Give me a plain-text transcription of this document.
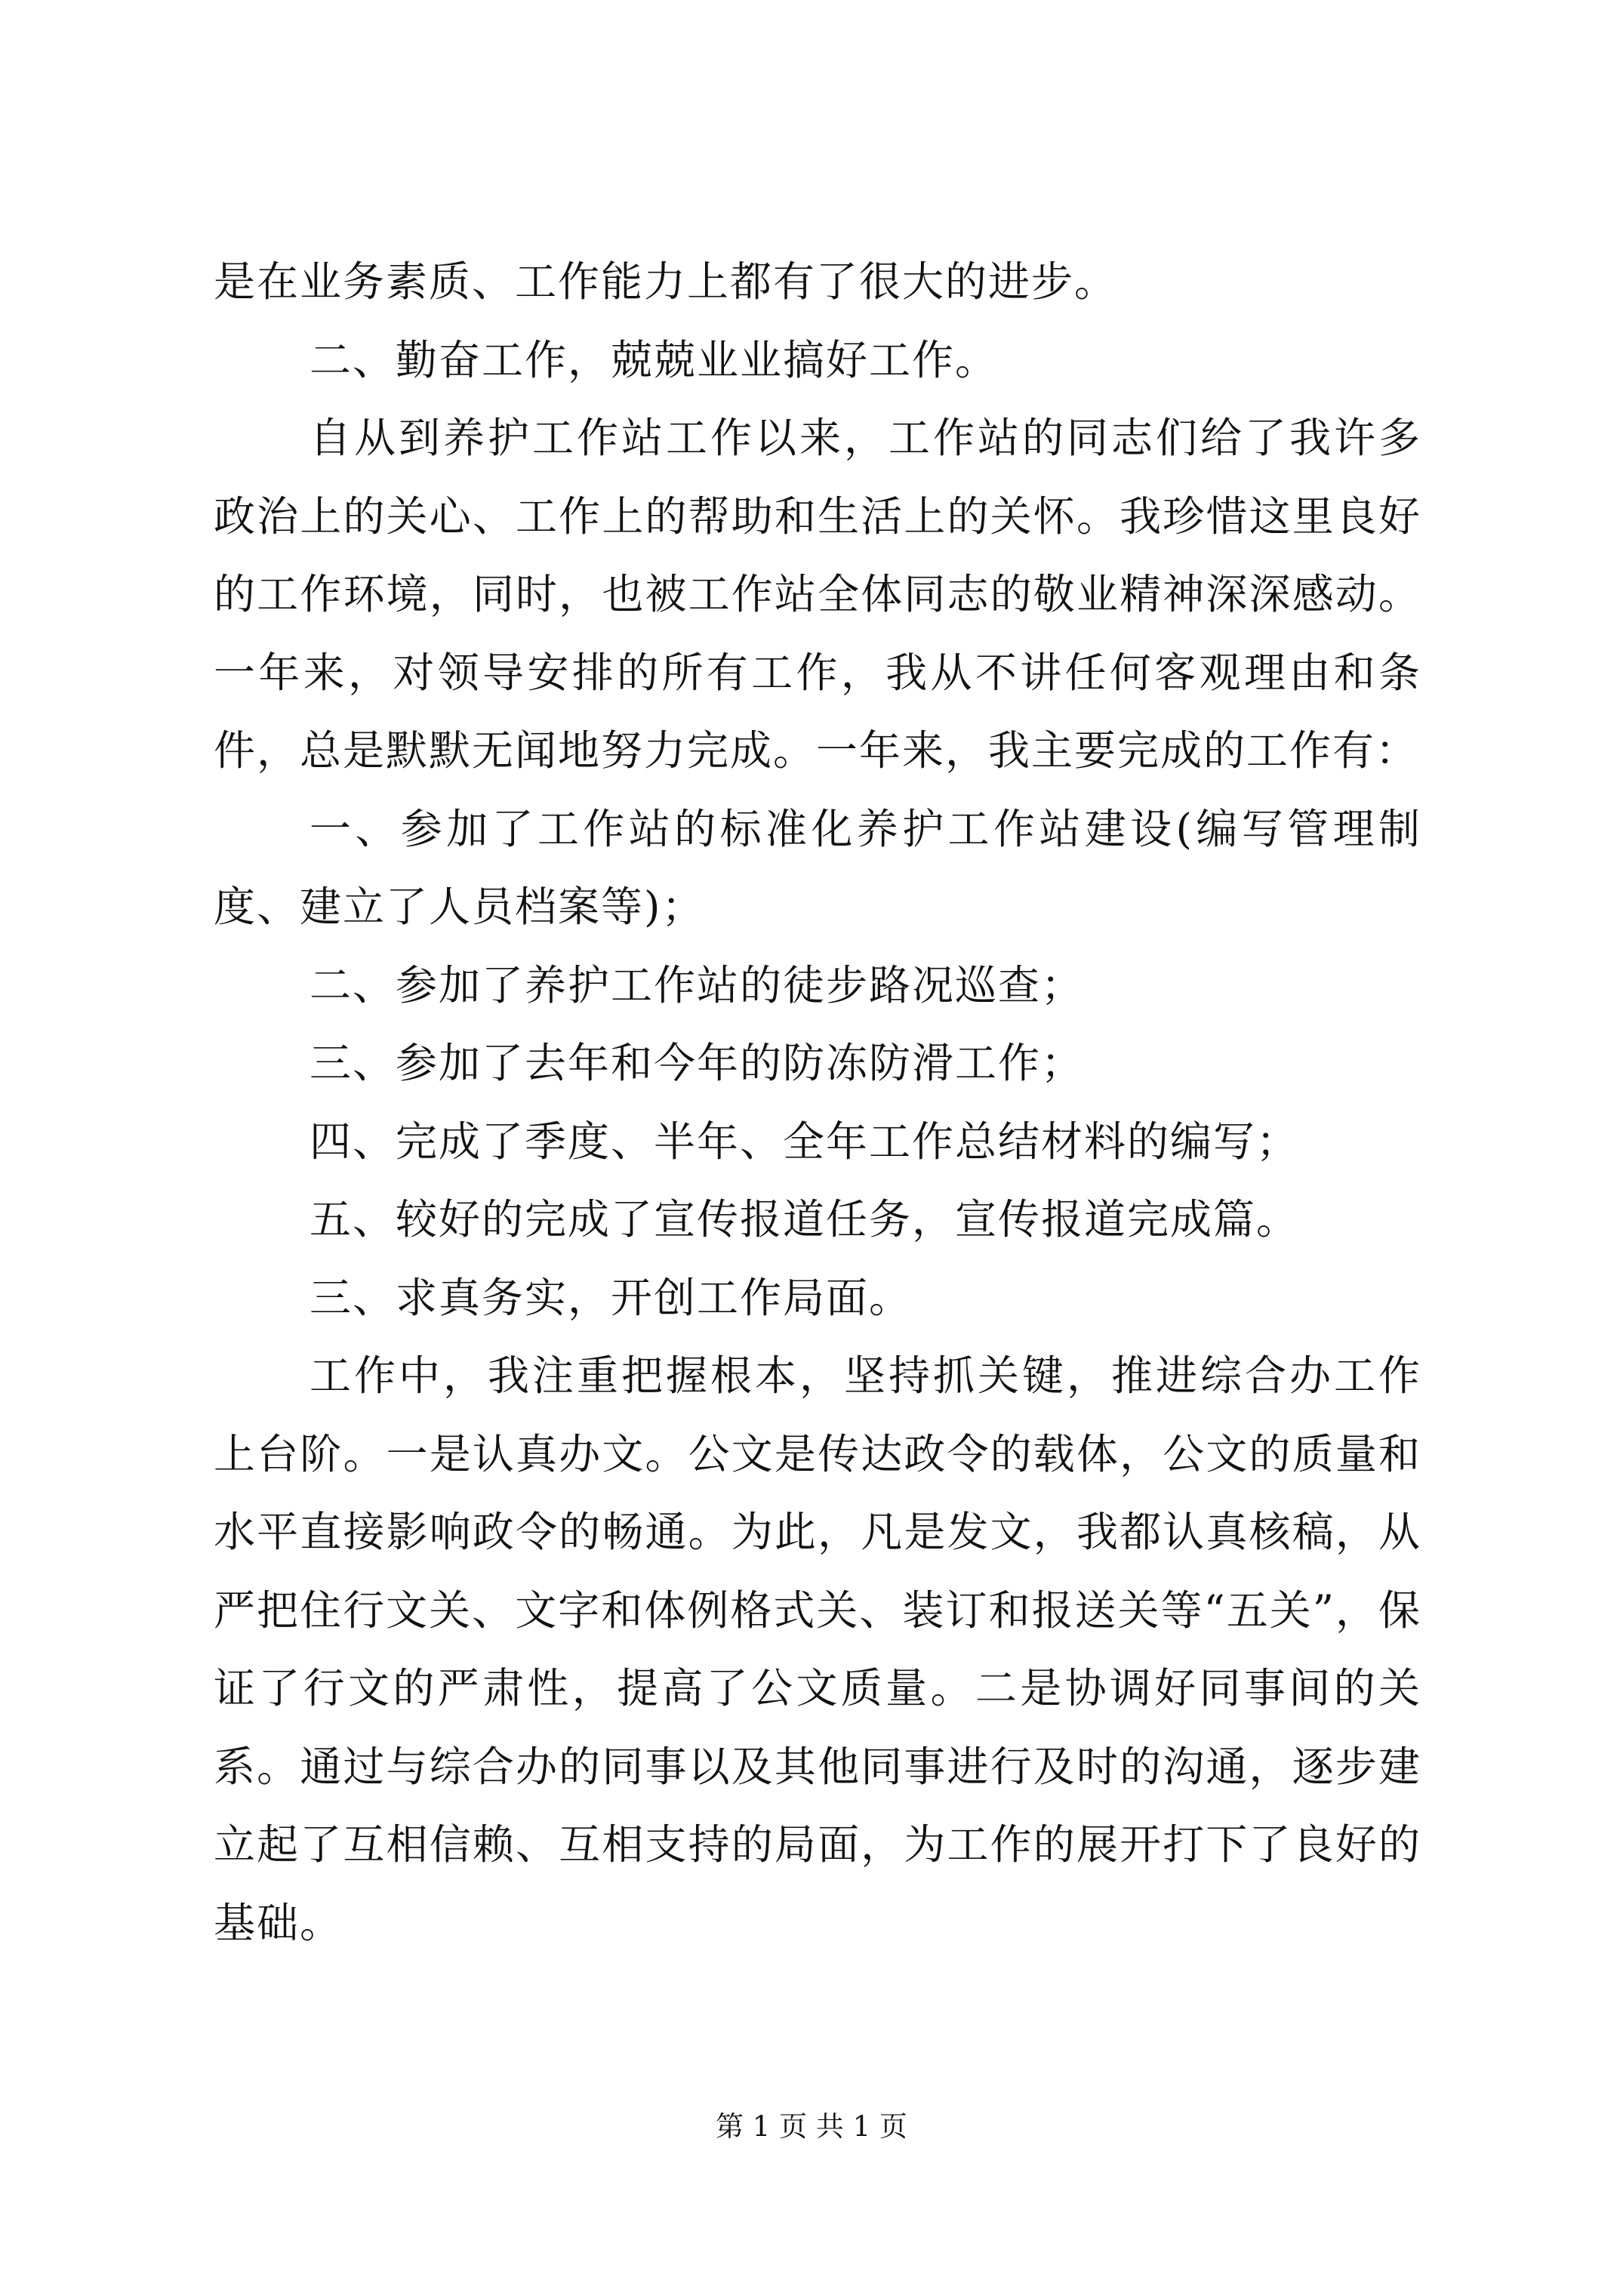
是在业务素质、工作能力上都有了很大的进步。

二、勤奋工作，兢兢业业搞好工作。

自从到养护工作站工作以来，工作站的同志们给了我许多政治上的关心、工作上的帮助和生活上的关怀。我珍惜这里良好的工作环境，同时，也被工作站全体同志的敬业精神深深感动。一年来，对领导安排的所有工作，我从不讲任何客观理由和条件，总是默默无闻地努力完成。一年来，我主要完成的工作有：

一、参加了工作站的标准化养护工作站建设(编写管理制度、建立了人员档案等)；

二、参加了养护工作站的徒步路况巡查；

三、参加了去年和今年的防冻防滑工作；

四、完成了季度、半年、全年工作总结材料的编写；

五、较好的完成了宣传报道任务，宣传报道完成篇。

三、求真务实，开创工作局面。

工作中，我注重把握根本，坚持抓关键，推进综合办工作上台阶。一是认真办文。公文是传达政令的载体，公文的质量和水平直接影响政令的畅通。为此，凡是发文，我都认真核稿，从严把住行文关、文字和体例格式关、装订和报送关等“五关”，保证了行文的严肃性，提高了公文质量。二是协调好同事间的关系。通过与综合办的同事以及其他同事进行及时的沟通，逐步建立起了互相信赖、互相支持的局面，为工作的展开打下了良好的基础。

第 1 页 共 1 页
